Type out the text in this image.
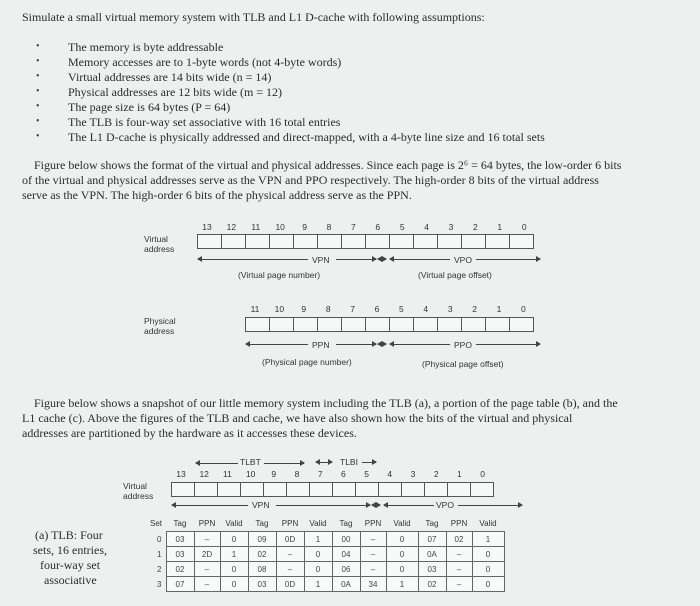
Simulate a small virtual memory system with TLB and L1 D-cache with following assumptions:
• The memory is byte addressable
• Memory accesses are to 1-byte words (not 4-byte words)
• Virtual addresses are 14 bits wide (n = 14)
• Physical addresses are 12 bits wide (m = 12)
• The page size is 64 bytes (P = 64)
• The TLB is four-way set associative with 16 total entries
• The L1 D-cache is physically addressed and direct-mapped, with a 4-byte line size and 16 total sets
Figure below shows the format of the virtual and physical addresses. Since each page is 2⁶ = 64 bytes, the low-order 6 bits
of the virtual and physical addresses serve as the VPN and PPO respectively. The high-order 8 bits of the virtual address
serve as the VPN. The high-order 6 bits of the physical address serve as the PPN.
Virtual
address
13	12	11	10	9	8	7	6	5	4	3	2	1	0
VPN
(Virtual page number)
VPO
(Virtual page offset)
Physical
address
11	10	9	8	7	6	5	4	3	2	1	0
PPN
(Physical page number)
PPO
(Physical page offset)
Figure below shows a snapshot of our little memory system including the TLB (a), a portion of the page table (b), and the
L1 cache (c). Above the figures of the TLB and cache, we have also shown how the bits of the virtual and physical
addresses are partitioned by the hardware as it accesses these devices.
TLBT	TLBI
Virtual
address
13	12	11	10	9	8	7	6	5	4	3	2	1	0
VPN	VPO
(a) TLB: Four
sets, 16 entries,
four-way set
associative
Set	Tag	PPN	Valid	Tag	PPN	Valid	Tag	PPN	Valid	Tag	PPN	Valid
0	03	–	0	09	0D	1	00	–	0	07	02	1
1	03	2D	1	02	–	0	04	–	0	0A	–	0
2	02	–	0	08	–	0	06	–	0	03	–	0
3	07	–	0	03	0D	1	0A	34	1	02	–	0
